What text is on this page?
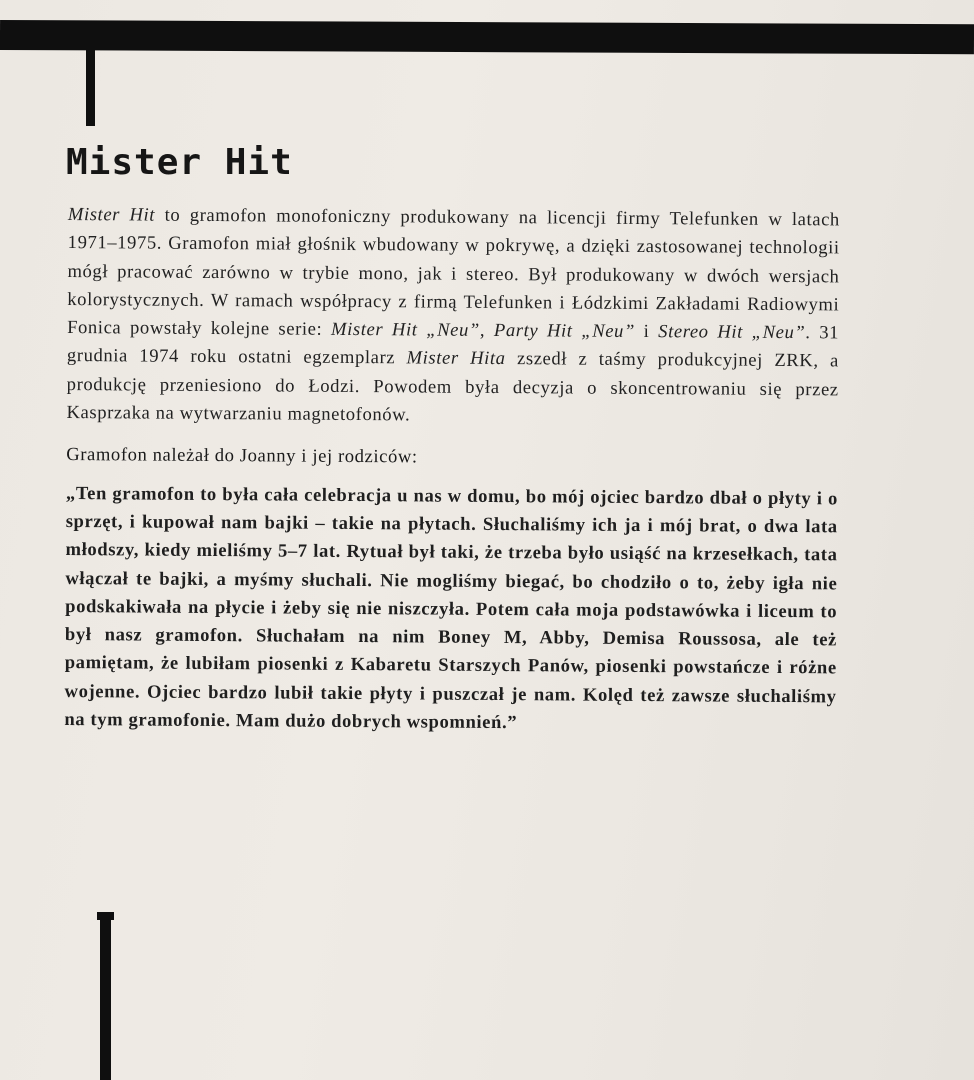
Mister Hit

Mister Hit to gramofon monofoniczny produkowany na licencji firmy Telefunken w latach 1971–1975. Gramofon miał głośnik wbudowany w pokrywę, a dzięki zastosowanej technologii mógł pracować zarówno w trybie mono, jak i stereo. Był produkowany w dwóch wersjach kolorystycznych. W ramach współpracy z firmą Telefunken i Łódzkimi Zakładami Radiowymi Fonica powstały kolejne serie: Mister Hit „Neu”, Party Hit „Neu” i Stereo Hit „Neu”. 31 grudnia 1974 roku ostatni egzemplarz Mister Hita zszedł z taśmy produkcyjnej ZRK, a produkcję przeniesiono do Łodzi. Powodem była decyzja o skoncentrowaniu się przez Kasprzaka na wytwarzaniu magnetofonów.

Gramofon należał do Joanny i jej rodziców:

„Ten gramofon to była cała celebracja u nas w domu, bo mój ojciec bardzo dbał o płyty i o sprzęt, i kupował nam bajki – takie na płytach. Słuchaliśmy ich ja i mój brat, o dwa lata młodszy, kiedy mieliśmy 5–7 lat. Rytuał był taki, że trzeba było usiąść na krzesełkach, tata włączał te bajki, a myśmy słuchali. Nie mogliśmy biegać, bo chodziło o to, żeby igła nie podskakiwała na płycie i żeby się nie niszczyła. Potem cała moja podstawówka i liceum to był nasz gramofon. Słuchałam na nim Boney M, Abby, Demisa Roussosa, ale też pamiętam, że lubiłam piosenki z Kabaretu Starszych Panów, piosenki powstańcze i różne wojenne. Ojciec bardzo lubił takie płyty i puszczał je nam. Kolęd też zawsze słuchaliśmy na tym gramofonie. Mam dużo dobrych wspomnień.”
